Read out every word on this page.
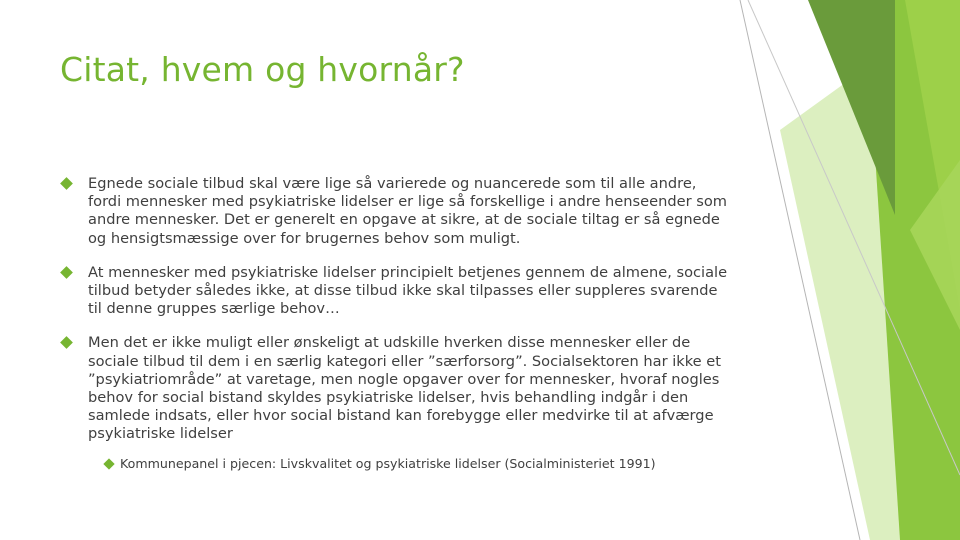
Citat, hvem og hvornår?
Egnede sociale tilbud skal være lige så varierede og nuancerede som til alle andre, fordi mennesker med psykiatriske lidelser er lige så forskellige i andre henseender som andre mennesker. Det er generelt en opgave at sikre, at de sociale tiltag er så egnede og hensigtsmæssige over for brugernes behov som muligt.
At mennesker med psykiatriske lidelser principielt betjenes gennem de almene, sociale tilbud betyder således ikke, at disse tilbud ikke skal tilpasses eller suppleres svarende til denne gruppes særlige behov…
Men det er ikke muligt eller ønskeligt at udskille hverken disse mennesker eller de sociale tilbud til dem i en særlig kategori eller ”særforsorg”. Socialsektoren har ikke et ”psykiatriområde” at varetage, men nogle opgaver over for mennesker, hvoraf nogles behov for social bistand skyldes psykiatriske lidelser, hvis behandling indgår i den samlede indsats, eller hvor social bistand kan forebygge eller medvirke til at afværge psykiatriske lidelser
Kommunepanel i pjecen: Livskvalitet og psykiatriske lidelser (Socialministeriet 1991)
